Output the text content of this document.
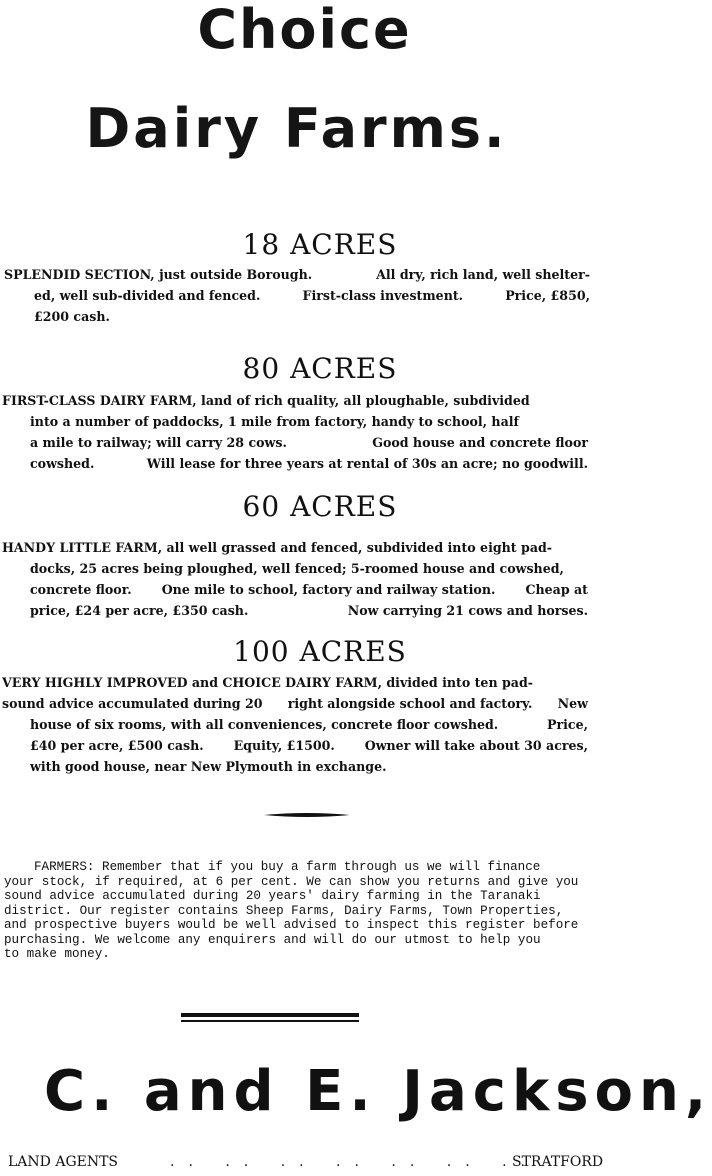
Choice
Dairy Farms.
18 ACRES
SPLENDID SECTION, just outside Borough.	All dry, rich land, well shelter-
ed, well sub-divided and fenced.	First-class investment.	Price, £850,
£200 cash.
80 ACRES
FIRST-CLASS DAIRY FARM, land of rich quality, all ploughable, subdivided
into a number of paddocks, 1 mile from factory, handy to school, half
a mile to railway; will carry 28 cows.	Good house and concrete floor
cowshed.	Will lease for three years at rental of 30s an acre; no goodwill.
60 ACRES
HANDY LITTLE FARM, all well grassed and fenced, subdivided into eight pad-
docks, 25 acres being ploughed, well fenced; 5-roomed house and cowshed,
concrete floor. One mile to school, factory and railway station. Cheap at
price, £24 per acre, £350 cash.	Now carrying 21 cows and horses.
100 ACRES
VERY HIGHLY IMPROVED and CHOICE DAIRY FARM, divided into ten pad-
sound advice accumulated during 20 right alongside school and factory. New
house of six rooms, with all conveniences, concrete floor cowshed.	Price,
£40 per acre, £500 cash. Equity, £1500. Owner will take about 30 acres,
with good house, near New Plymouth in exchange.
FARMERS: Remember that if you buy a farm through us we will finance
your stock, if required, at 6 per cent. We can show you returns and give you
sound advice accumulated during 20 years' dairy farming in the Taranaki
district. Our register contains Sheep Farms, Dairy Farms, Town Properties,
and prospective buyers would be well advised to inspect this register before
purchasing. We welcome any enquirers and will do our utmost to help you
to make money.
C. and E. Jackson,
LAND AGENTS	.. .. .. .. .. .. ..
STRATFORD
